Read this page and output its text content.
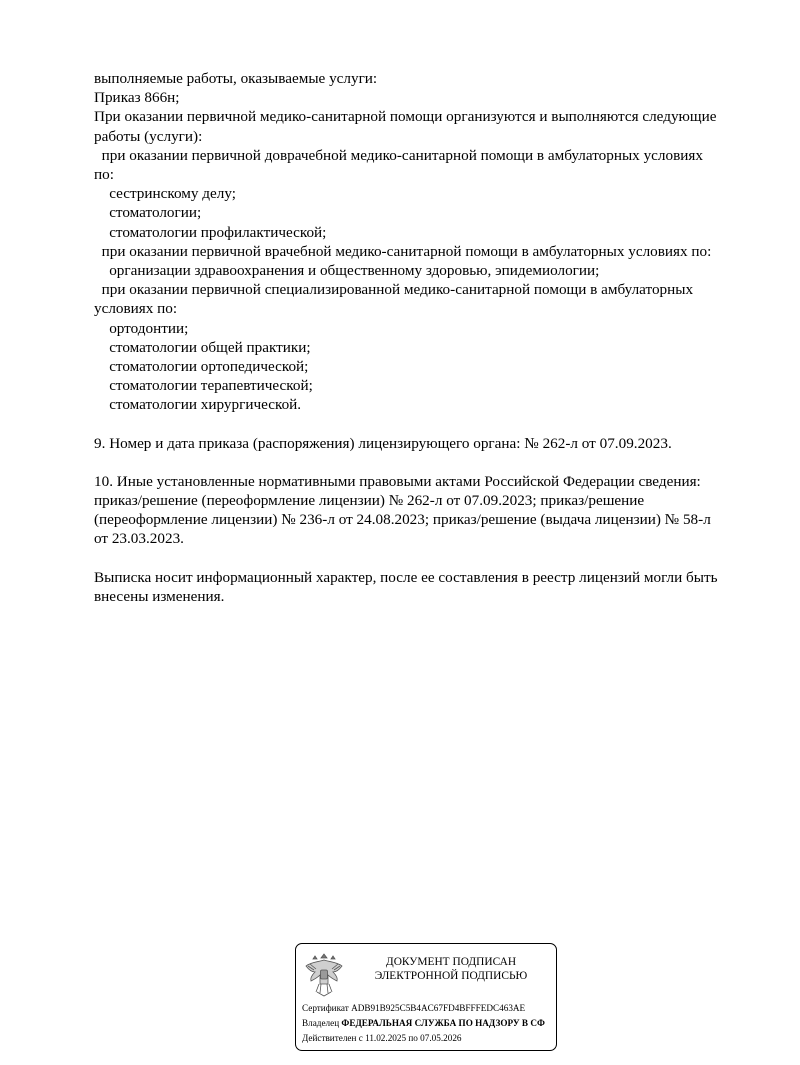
выполняемые работы, оказываемые услуги:
Приказ 866н;
При оказании первичной медико-санитарной помощи организуются и выполняются следующие
работы (услуги):
при оказании первичной доврачебной медико-санитарной помощи в амбулаторных условиях
по:
сестринскому делу;
стоматологии;
стоматологии профилактической;
при оказании первичной врачебной медико-санитарной помощи в амбулаторных условиях по:
организации здравоохранения и общественному здоровью, эпидемиологии;
при оказании первичной специализированной медико-санитарной помощи в амбулаторных
условиях по:
ортодонтии;
стоматологии общей практики;
стоматологии ортопедической;
стоматологии терапевтической;
стоматологии хирургической.
9. Номер и дата приказа (распоряжения) лицензирующего органа: № 262-л от 07.09.2023.
10. Иные установленные нормативными правовыми актами Российской Федерации сведения:
приказ/решение (переоформление лицензии) № 262-л от 07.09.2023; приказ/решение
(переоформление лицензии) № 236-л от 24.08.2023; приказ/решение (выдача лицензии) № 58-л
от 23.03.2023.
Выписка носит информационный характер, после ее составления в реестр лицензий могли быть
внесены изменения.
ДОКУМЕНТ ПОДПИСАН
ЭЛЕКТРОННОЙ ПОДПИСЬЮ
Сертификат ADB91B925C5B4AC67FD4BFFFEDC463AE
Владелец ФЕДЕРАЛЬНАЯ СЛУЖБА ПО НАДЗОРУ В СФ
Действителен с 11.02.2025 по 07.05.2026
